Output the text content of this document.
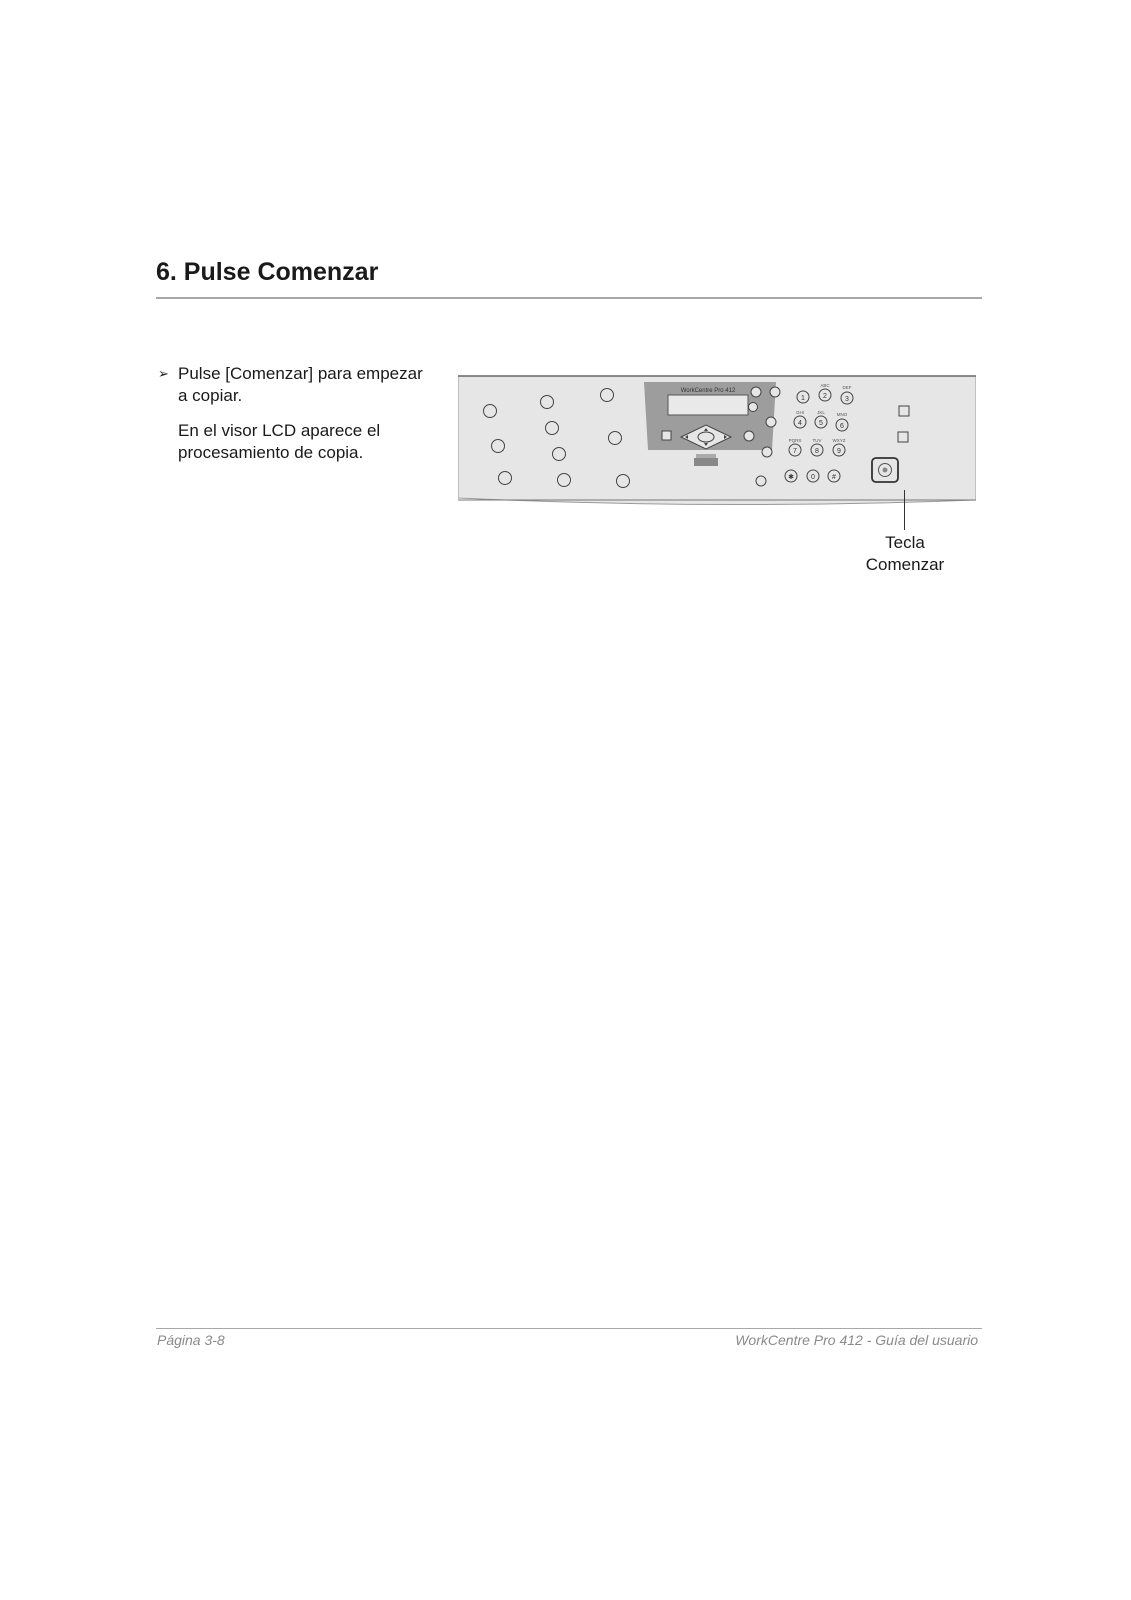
6. Pulse Comenzar
➢ Pulse [Comenzar] para empezar a copiar.
En el visor LCD aparece el procesamiento de copia.
WorkCentre Pro 412
1	2	3
4 5 6
7	8	9
✱ 0 #
ABC	DEF
GHI	JKL	MNO
PQRS TUV WXYZ
Tecla
Comenzar
Página 3-8	WorkCentre Pro 412 - Guía del usuario
